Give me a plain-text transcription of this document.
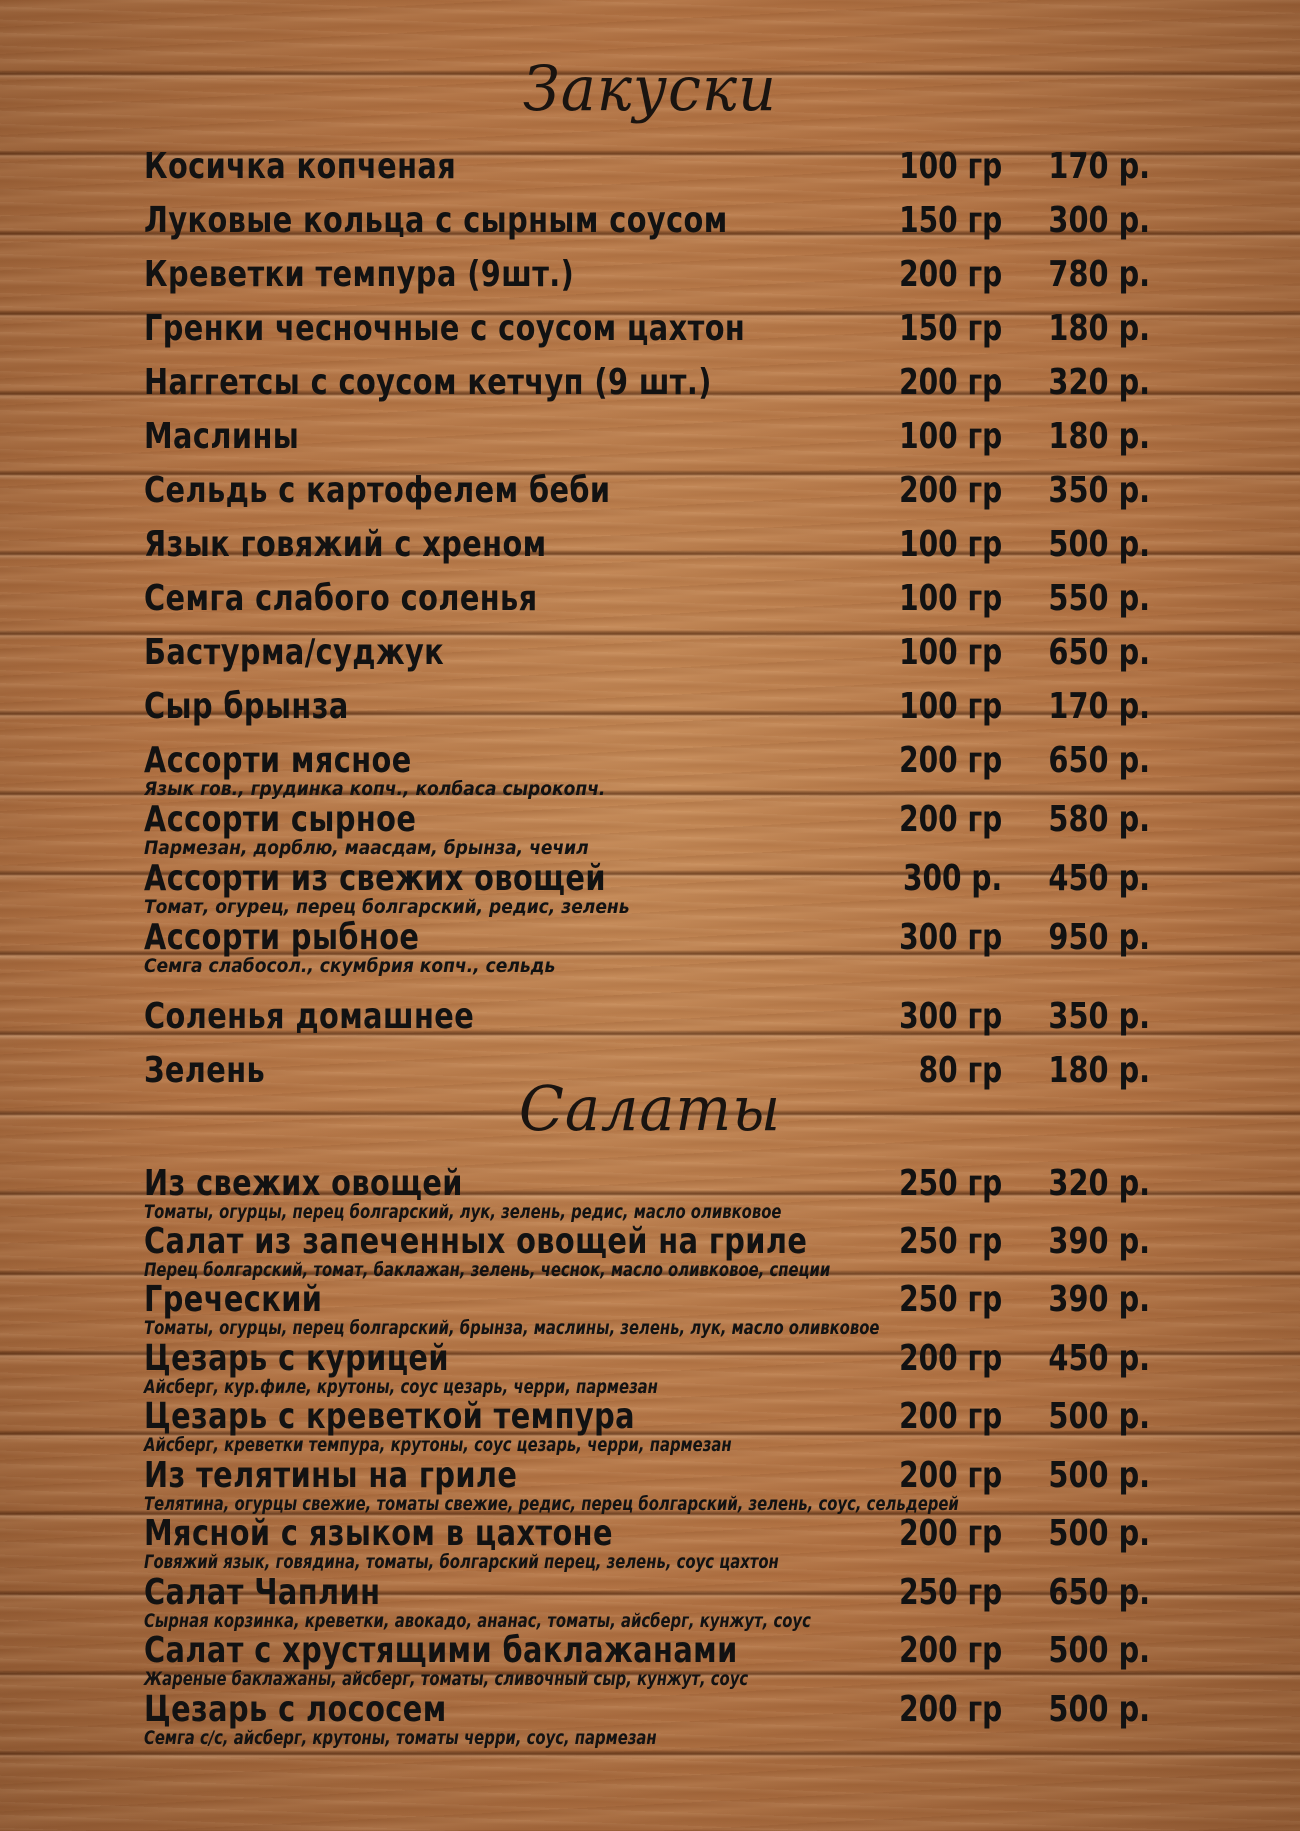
Закуски
Косичка копченая	100 гр 170 р.
Луковые кольца с сырным соусом	150 гр 300 р.
Креветки темпура (9шт.)	200 гр 780 р.
Гренки чесночные с соусом цахтон	150 гр 180 р.
Наггетсы с соусом кетчуп (9 шт.)	200 гр 320 р.
Маслины	100 гр 180 р.
Сельдь с картофелем беби	200 гр 350 р.
Язык говяжий с хреном	100 гр 500 р.
Семга слабого соленья	100 гр 550 р.
Бастурма/суджук	100 гр 650 р.
Сыр брынза	100 гр 170 р.
Ассорти мясное	200 гр 650 р.
Язык гов., грудинка копч., колбаса сырокопч.
Ассорти сырное	200 гр 580 р.
Пармезан, дорблю, маасдам, брынза, чечил
Ассорти из свежих овощей	300 р. 450 р.
Томат, огурец, перец болгарский, редис, зелень
Ассорти рыбное	300 гр 950 р.
Семга слабосол., скумбрия копч., сельдь
Соленья домашнее	300 гр 350 р.
Зелень	80 гр 180 р.
Салаты
Из свежих овощей	250 гр 320 р.
Томаты, огурцы, перец болгарский, лук, зелень, редис, масло оливковое
Салат из запеченных овощей на гриле	250 гр 390 р.
Перец болгарский, томат, баклажан, зелень, чеснок, масло оливковое, специи
Греческий	250 гр 390 р.
Томаты, огурцы, перец болгарский, брынза, маслины, зелень, лук, масло оливковое
Цезарь с курицей	200 гр 450 р.
Айсберг, кур.филе, крутоны, соус цезарь, черри, пармезан
Цезарь с креветкой темпура	200 гр 500 р.
Айсберг, креветки темпура, крутоны, соус цезарь, черри, пармезан
Из телятины на гриле	200 гр 500 р.
Телятина, огурцы свежие, томаты свежие, редис, перец болгарский, зелень, соус, сельдерей
Мясной с языком в цахтоне	200 гр 500 р.
Говяжий язык, говядина, томаты, болгарский перец, зелень, соус цахтон
Салат Чаплин	250 гр 650 р.
Сырная корзинка, креветки, авокадо, ананас, томаты, айсберг, кунжут, соус
Салат с хрустящими баклажанами	200 гр 500 р.
Жареные баклажаны, айсберг, томаты, сливочный сыр, кунжут, соус
Цезарь с лососем	200 гр 500 р.
Семга с/с, айсберг, крутоны, томаты черри, соус, пармезан
